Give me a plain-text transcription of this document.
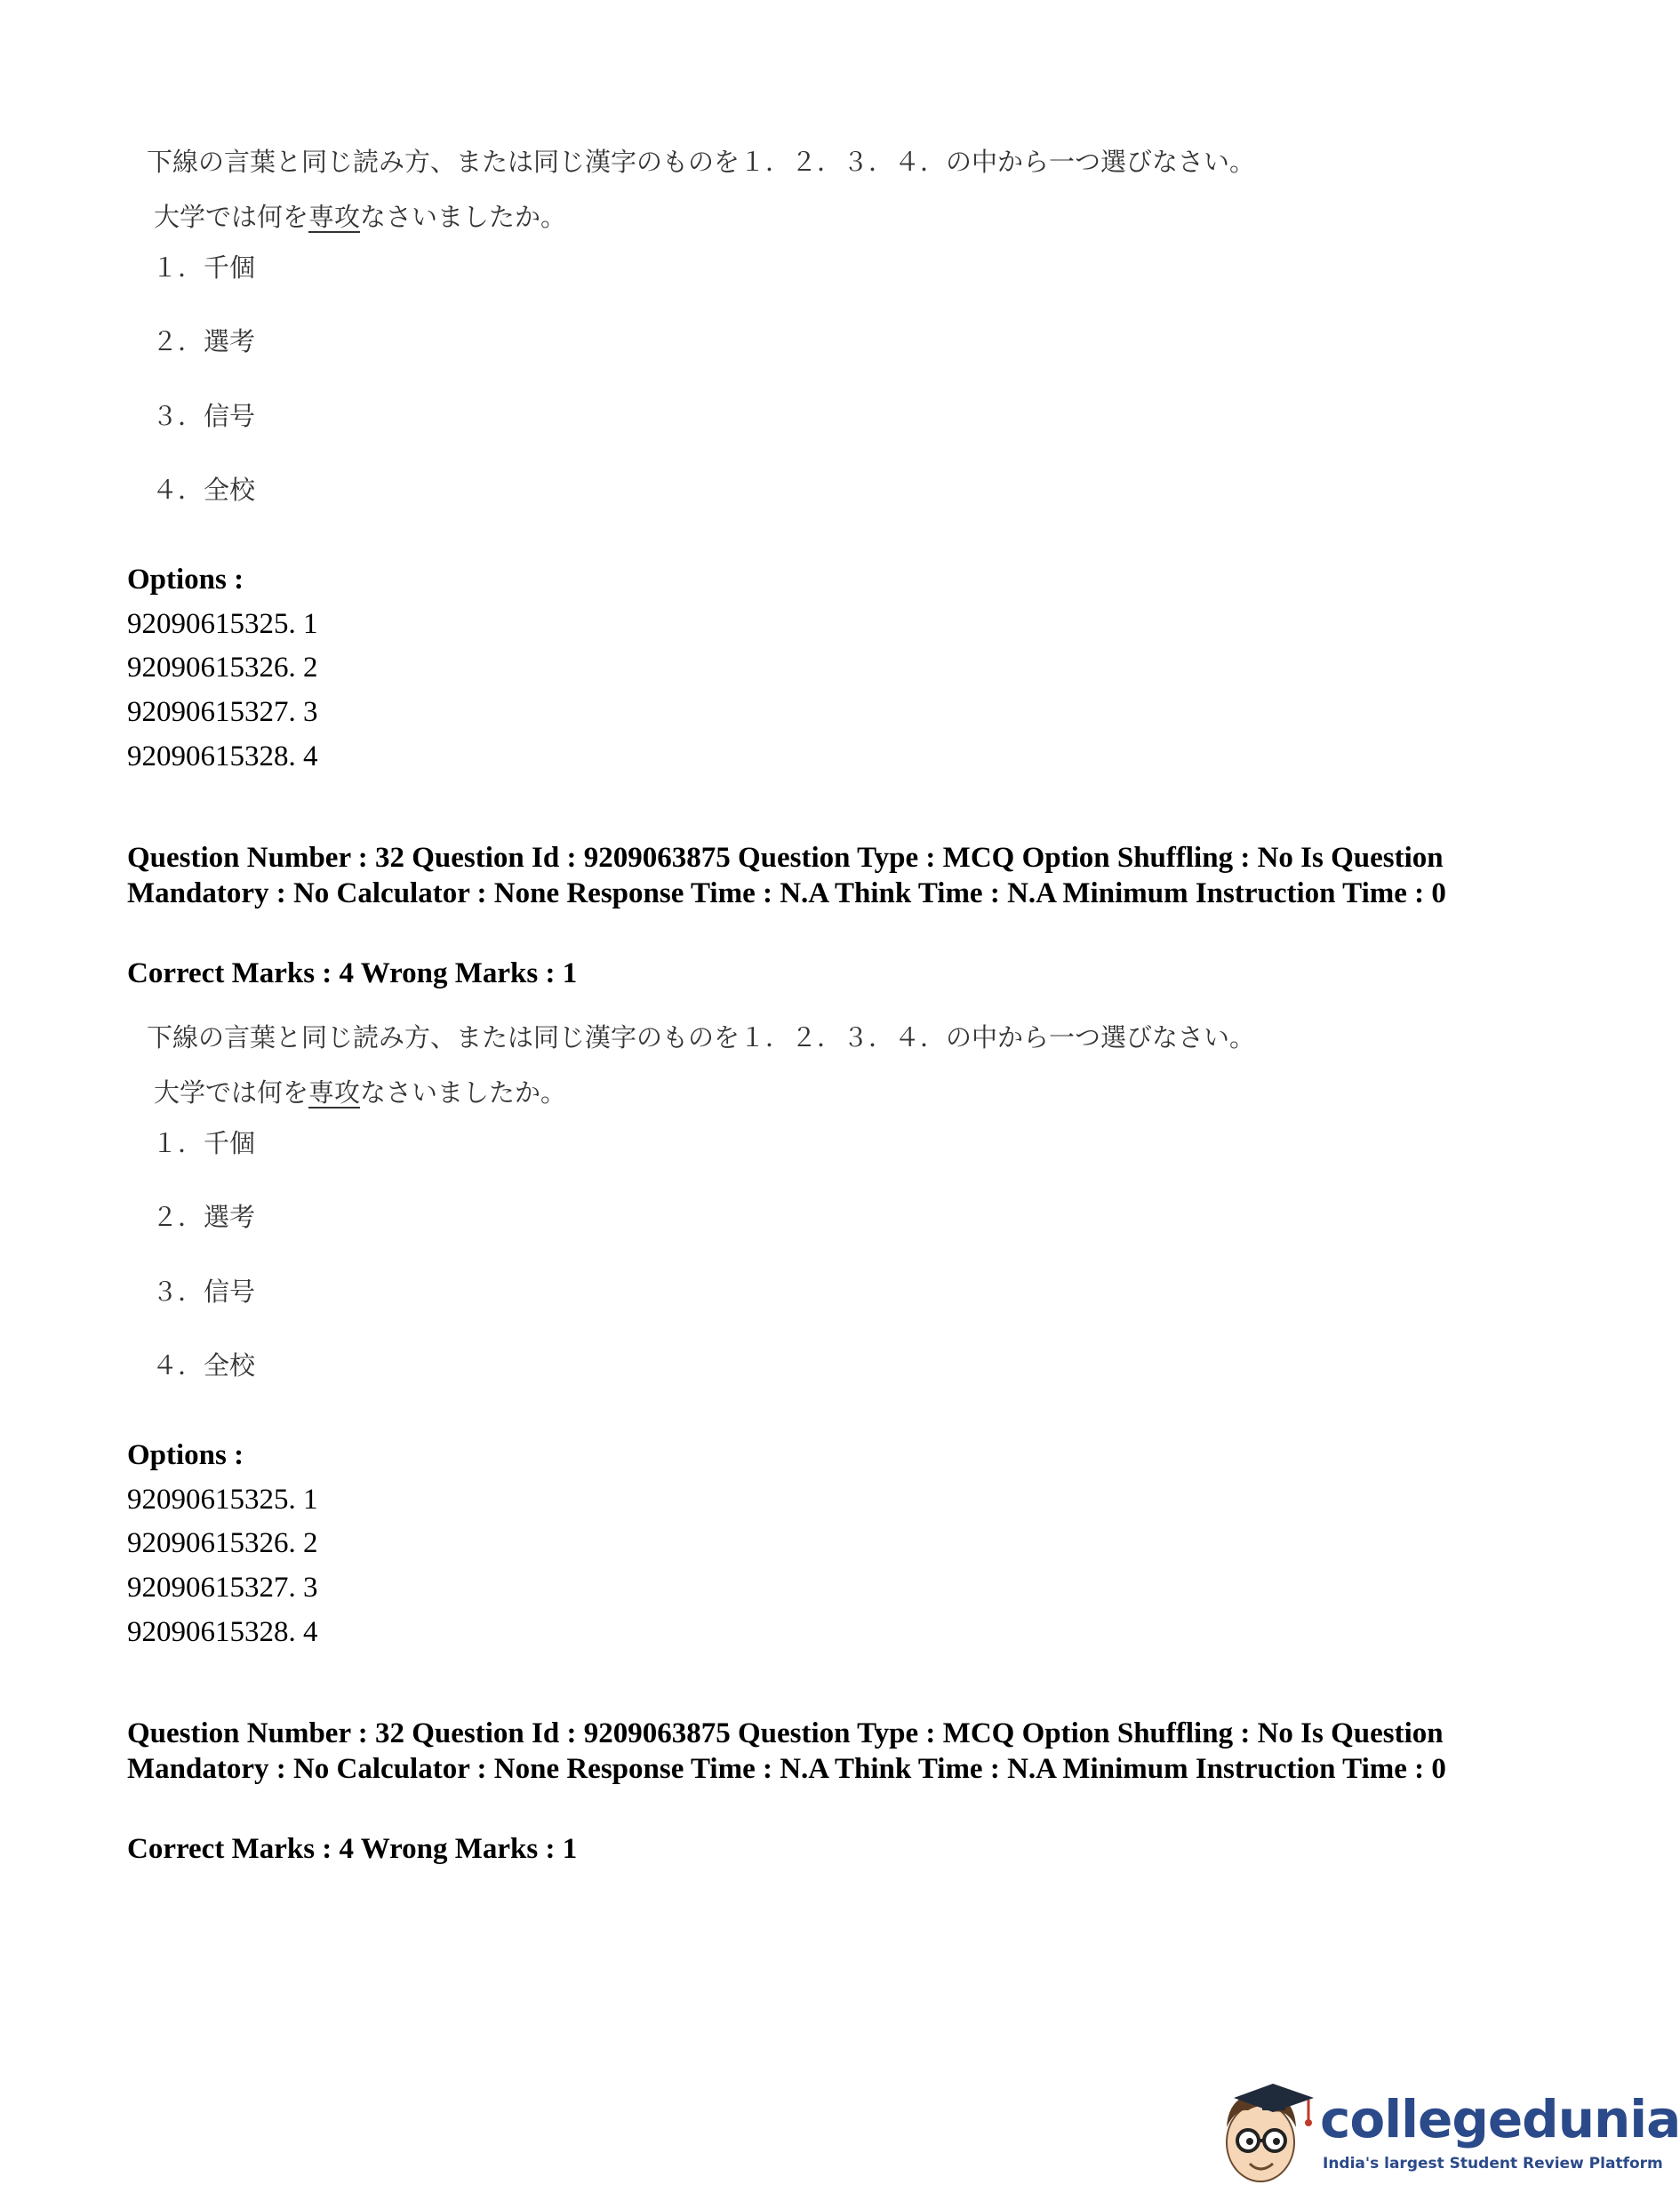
下線の言葉と同じ読み方、または同じ漢字のものを１．２．３．４．の中から一つ選びなさい。
大学では何を専攻なさいましたか。
１．千個
２．選考
３．信号
４．全校
Options :
92090615325. 1
92090615326. 2
92090615327. 3
92090615328. 4
Question Number : 32 Question Id : 9209063875 Question Type : MCQ Option Shuffling : No Is Question Mandatory : No Calculator : None Response Time : N.A Think Time : N.A Minimum Instruction Time : 0
Correct Marks : 4 Wrong Marks : 1
下線の言葉と同じ読み方、または同じ漢字のものを１．２．３．４．の中から一つ選びなさい。
大学では何を専攻なさいましたか。
１．千個
２．選考
３．信号
４．全校
Options :
92090615325. 1
92090615326. 2
92090615327. 3
92090615328. 4
Question Number : 32 Question Id : 9209063875 Question Type : MCQ Option Shuffling : No Is Question Mandatory : No Calculator : None Response Time : N.A Think Time : N.A Minimum Instruction Time : 0
Correct Marks : 4 Wrong Marks : 1
collegedunia
India's largest Student Review Platform
